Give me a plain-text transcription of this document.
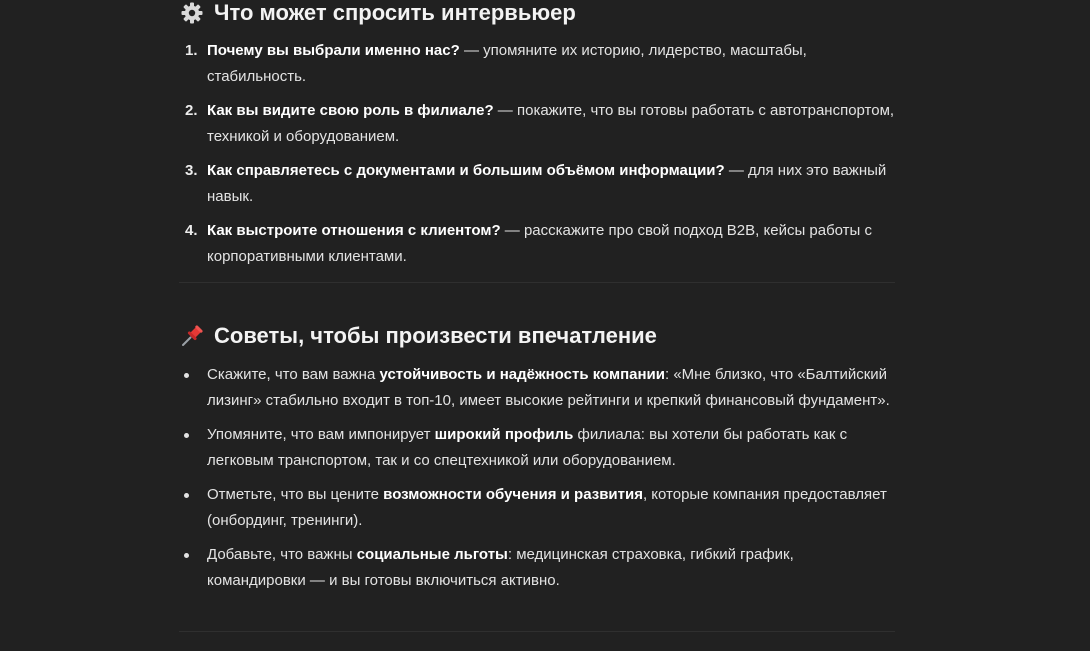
Что может спросить интервьюер
1. Почему вы выбрали именно нас? — упомяните их историю, лидерство, масштабы, стабильность.
2. Как вы видите свою роль в филиале? — покажите, что вы готовы работать с автотранспортом, техникой и оборудованием.
3. Как справляетесь с документами и большим объёмом информации? — для них это важный навык.
4. Как выстроите отношения с клиентом? — расскажите про свой подход B2B, кейсы работы с корпоративными клиентами.
Советы, чтобы произвести впечатление
Скажите, что вам важна устойчивость и надёжность компании: «Мне близко, что «Балтийский лизинг» стабильно входит в топ-10, имеет высокие рейтинги и крепкий финансовый фундамент».
Упомяните, что вам импонирует широкий профиль филиала: вы хотели бы работать как с легковым транспортом, так и со спецтехникой или оборудованием.
Отметьте, что вы цените возможности обучения и развития, которые компания предоставляет (онбординг, тренинги).
Добавьте, что важны социальные льготы: медицинская страховка, гибкий график, командировки — и вы готовы включиться активно.
